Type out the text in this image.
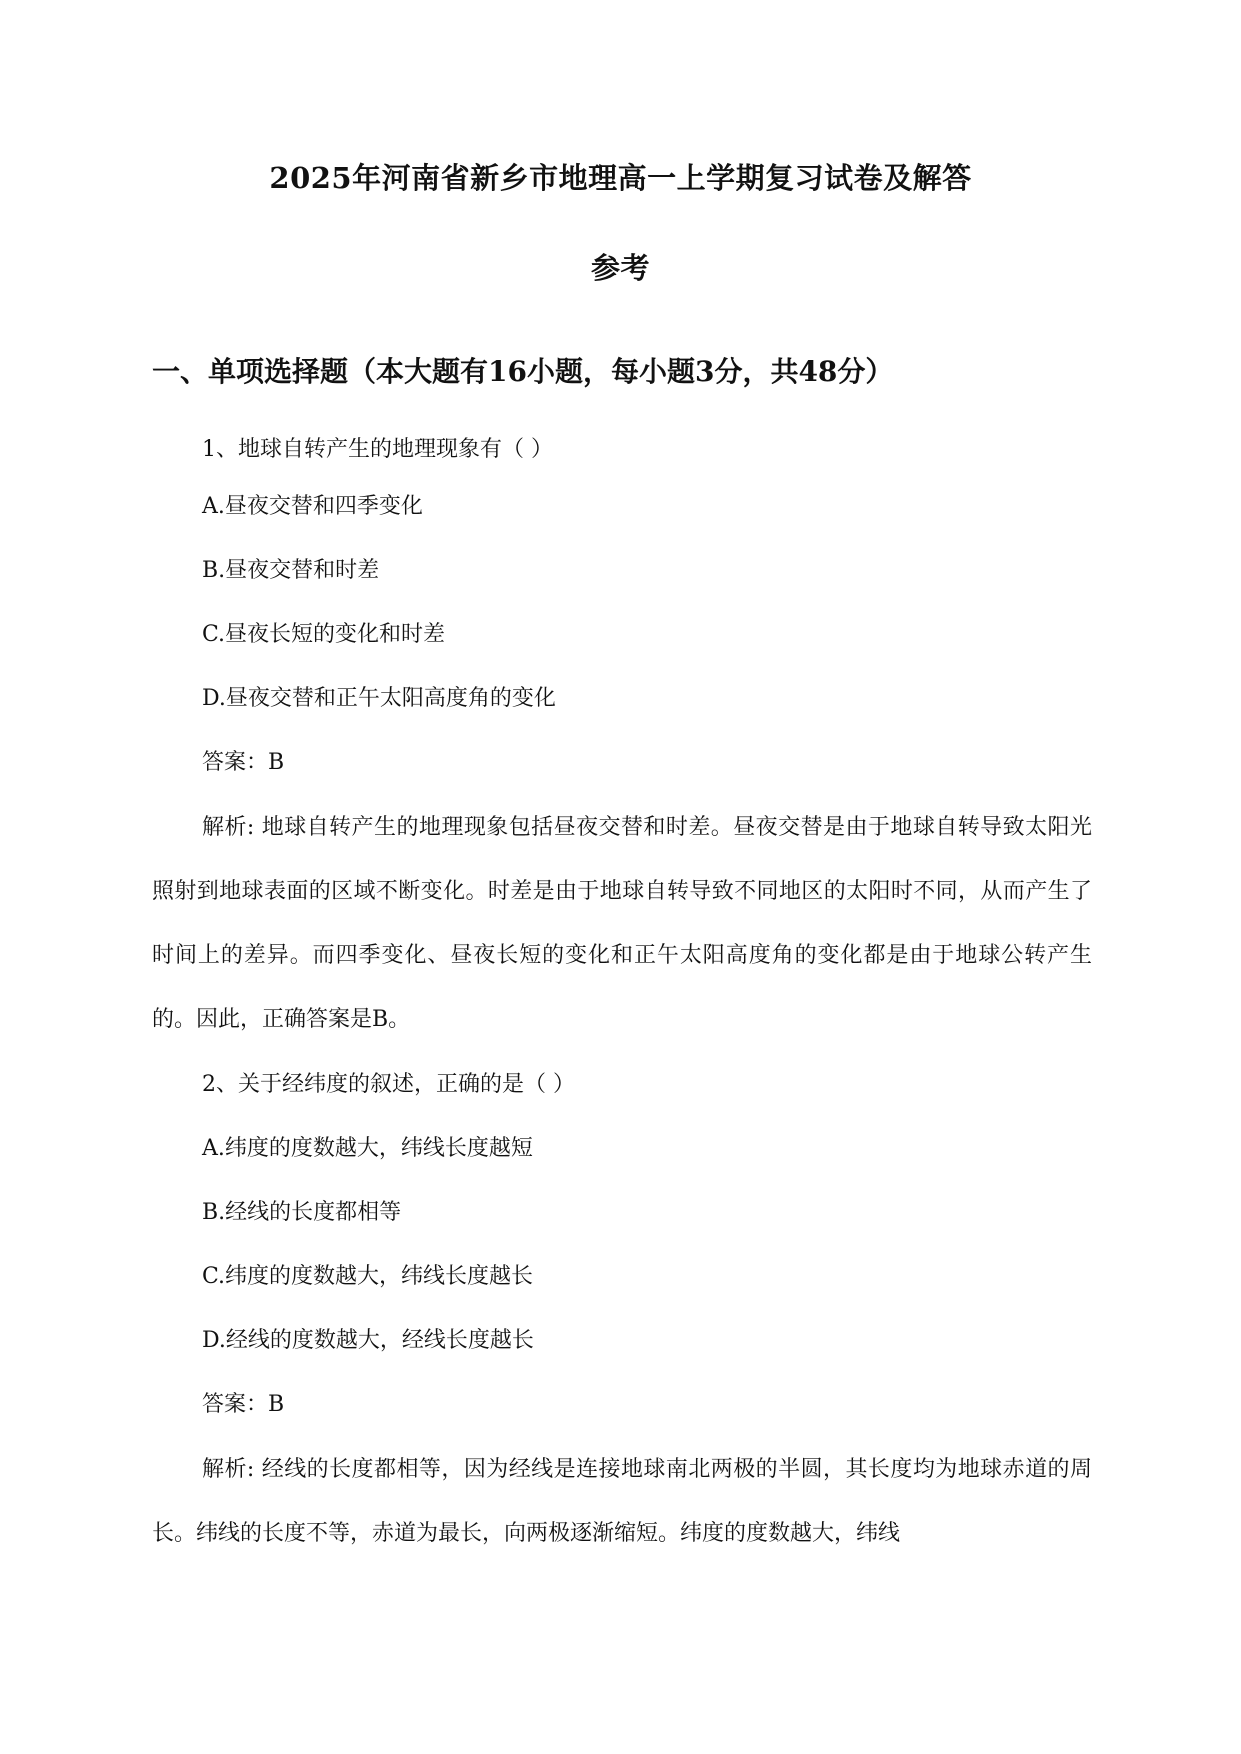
2025年河南省新乡市地理高一上学期复习试卷及解答
参考
一、单项选择题（本大题有16小题，每小题3分，共48分）
1、地球自转产生的地理现象有（ ）
A.昼夜交替和四季变化
B.昼夜交替和时差
C.昼夜长短的变化和时差
D.昼夜交替和正午太阳高度角的变化
答案：B
解析: 地球自转产生的地理现象包括昼夜交替和时差。昼夜交替是由于地球自转导致太阳光照射到地球表面的区域不断变化。时差是由于地球自转导致不同地区的太阳时不同，从而产生了时间上的差异。而四季变化、昼夜长短的变化和正午太阳高度角的变化都是由于地球公转产生的。因此，正确答案是B。
2、关于经纬度的叙述，正确的是（ ）
A.纬度的度数越大，纬线长度越短
B.经线的长度都相等
C.纬度的度数越大，纬线长度越长
D.经线的度数越大，经线长度越长
答案：B
解析: 经线的长度都相等，因为经线是连接地球南北两极的半圆，其长度均为地球赤道的周长。纬线的长度不等，赤道为最长，向两极逐渐缩短。纬度的度数越大，纬线
